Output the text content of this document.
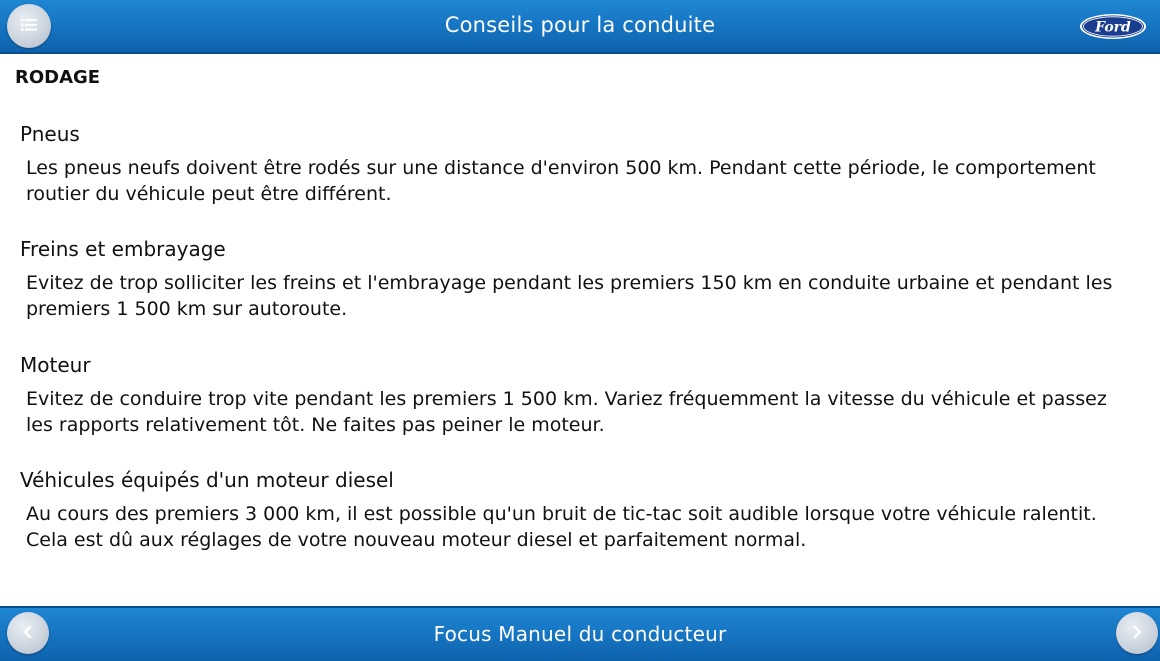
Conseils pour la conduite	Ford
RODAGE
Pneus
Les pneus neufs doivent être rodés sur une distance d'environ 500 km. Pendant cette période, le comportement routier du véhicule peut être différent.
Freins et embrayage
Evitez de trop solliciter les freins et l'embrayage pendant les premiers 150 km en conduite urbaine et pendant les premiers 1 500 km sur autoroute.
Moteur
Evitez de conduire trop vite pendant les premiers 1 500 km. Variez fréquemment la vitesse du véhicule et passez les rapports relativement tôt. Ne faites pas peiner le moteur.
Véhicules équipés d'un moteur diesel
Au cours des premiers 3 000 km, il est possible qu'un bruit de tic-tac soit audible lorsque votre véhicule ralentit. Cela est dû aux réglages de votre nouveau moteur diesel et parfaitement normal.
Focus Manuel du conducteur
